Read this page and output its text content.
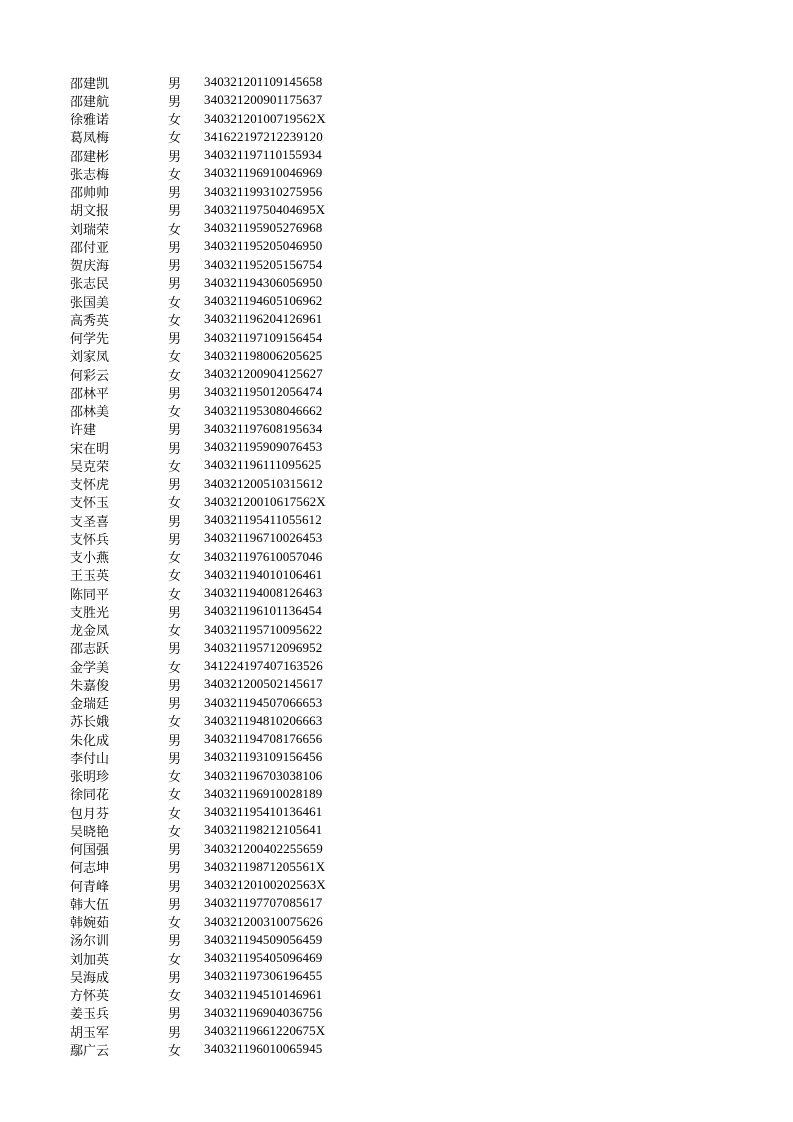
邵建凯	男	340321201109145658
邵建航	男	340321200901175637
徐雅诺	女	34032120100719562X
葛凤梅	女	341622197212239120
邵建彬	男	340321197110155934
张志梅	女	340321196910046969
邵帅帅	男	340321199310275956
胡文报	男	34032119750404695X
刘瑞荣	女	340321195905276968
邵付亚	男	340321195205046950
贺庆海	男	340321195205156754
张志民	男	340321194306056950
张国美	女	340321194605106962
高秀英	女	340321196204126961
何学先	男	340321197109156454
刘家凤	女	340321198006205625
何彩云	女	340321200904125627
邵林平	男	340321195012056474
邵林美	女	340321195308046662
许建	男	340321197608195634
宋在明	男	340321195909076453
吴克荣	女	340321196111095625
支怀虎	男	340321200510315612
支怀玉	女	34032120010617562X
支圣喜	男	340321195411055612
支怀兵	男	340321196710026453
支小燕	女	340321197610057046
王玉英	女	340321194010106461
陈同平	女	340321194008126463
支胜光	男	340321196101136454
龙金凤	女	340321195710095622
邵志跃	男	340321195712096952
金学美	女	341224197407163526
朱嘉俊	男	340321200502145617
金瑞廷	男	340321194507066653
苏长娥	女	340321194810206663
朱化成	男	340321194708176656
李付山	男	340321193109156456
张明珍	女	340321196703038106
徐同花	女	340321196910028189
包月芬	女	340321195410136461
吴晓艳	女	340321198212105641
何国强	男	340321200402255659
何志坤	男	34032119871205561X
何青峰	男	34032120100202563X
韩大伍	男	340321197707085617
韩婉茹	女	340321200310075626
汤尔训	男	340321194509056459
刘加英	女	340321195405096469
吴海成	男	340321197306196455
方怀英	女	340321194510146961
姜玉兵	男	340321196904036756
胡玉军	男	34032119661220675X
鄢广云	女	340321196010065945
